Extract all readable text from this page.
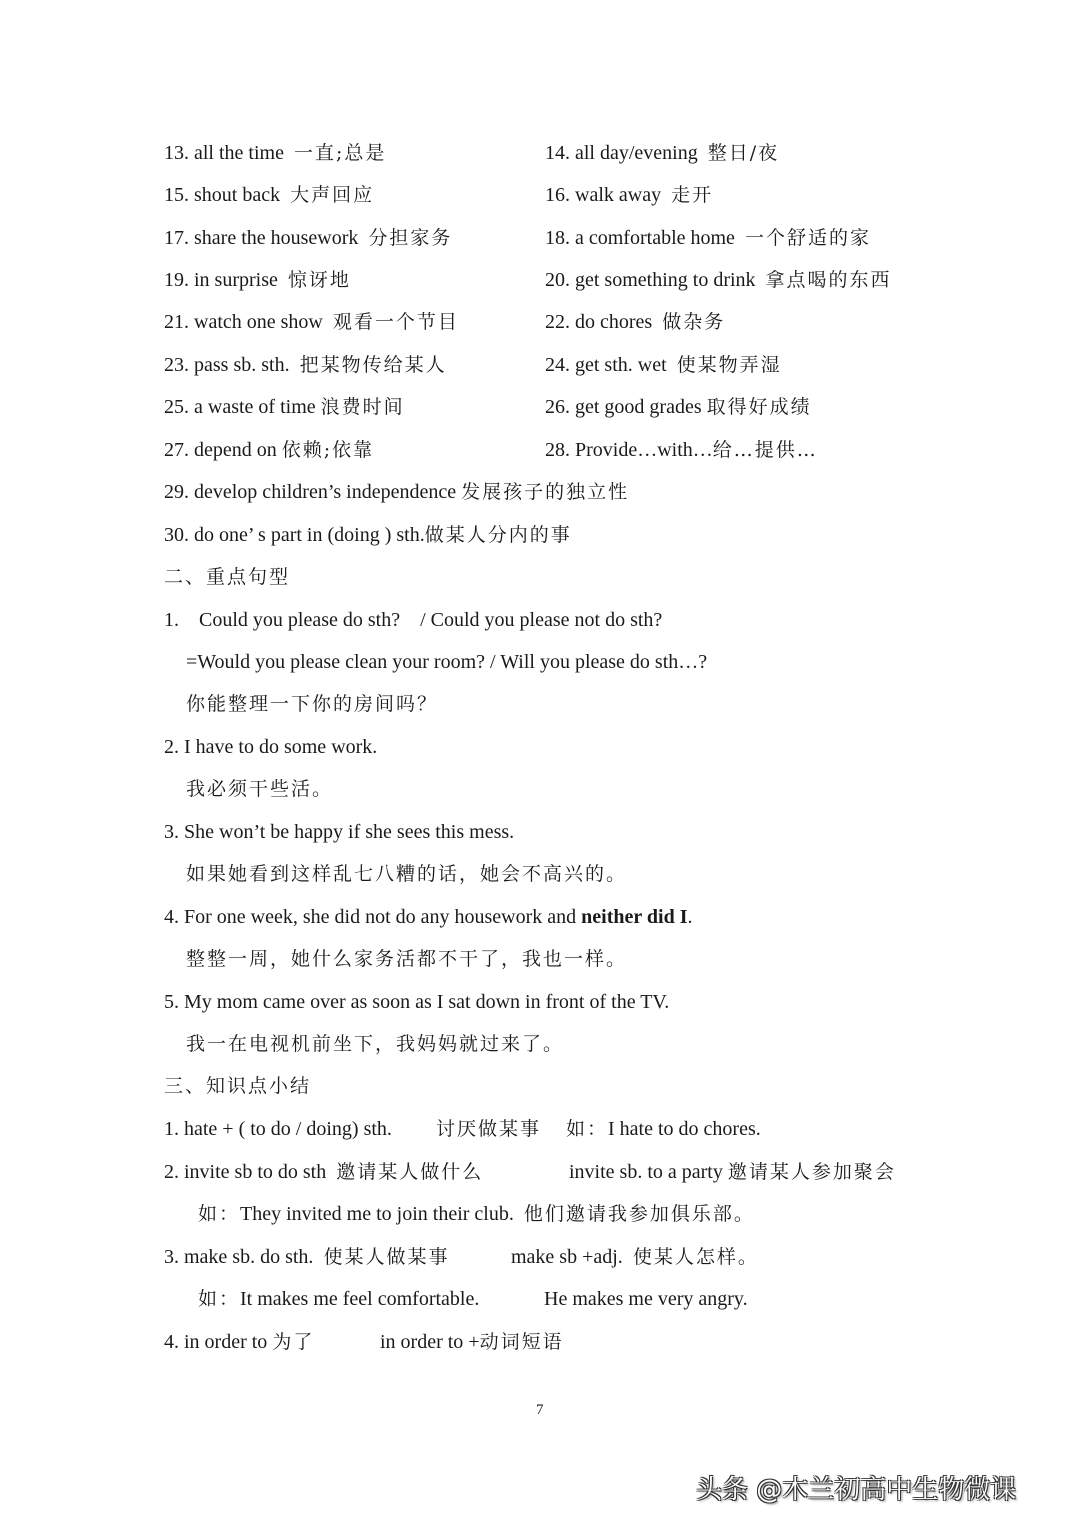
13. all the time 一直;总是	14. all day/evening 整日/夜
15. shout back 大声回应	16. walk away 走开
17. share the housework 分担家务	18. a comfortable home 一个舒适的家
19. in surprise 惊讶地	20. get something to drink 拿点喝的东西
21. watch one show 观看一个节目	22. do chores 做杂务
23. pass sb. sth. 把某物传给某人	24. get sth. wet 使某物弄湿
25. a waste of time 浪费时间	26. get good grades 取得好成绩
27. depend on 依赖;依靠	28. Provide…with…给…提供…
29. develop children’s independence 发展孩子的独立性
30. do one’ s part in (doing ) sth.做某人分内的事
二、重点句型
1. Could you please do sth?    / Could you please not do sth?
=Would you please clean your room? / Will you please do sth…?
你能整理一下你的房间吗？
2. I have to do some work.
我必须干些活。
3. She won’t be happy if she sees this mess.
如果她看到这样乱七八糟的话，她会不高兴的。
4. For one week, she did not do any housework and neither did I.
整整一周，她什么家务活都不干了，我也一样。
5. My mom came over as soon as I sat down in front of the TV.
我一在电视机前坐下，我妈妈就过来了。
三、知识点小结
1. hate + ( to do / doing) sth. 讨厌做某事 如：I hate to do chores.
2. invite sb to do sth 邀请某人做什么	invite sb. to a party 邀请某人参加聚会
如：They invited me to join their club. 他们邀请我参加俱乐部。
3. make sb. do sth. 使某人做某事	make sb +adj. 使某人怎样。
如：It makes me feel comfortable.	He makes me very angry.
4. in order to 为了	in order to +动词短语
7
头条 @木兰初高中生物微课
